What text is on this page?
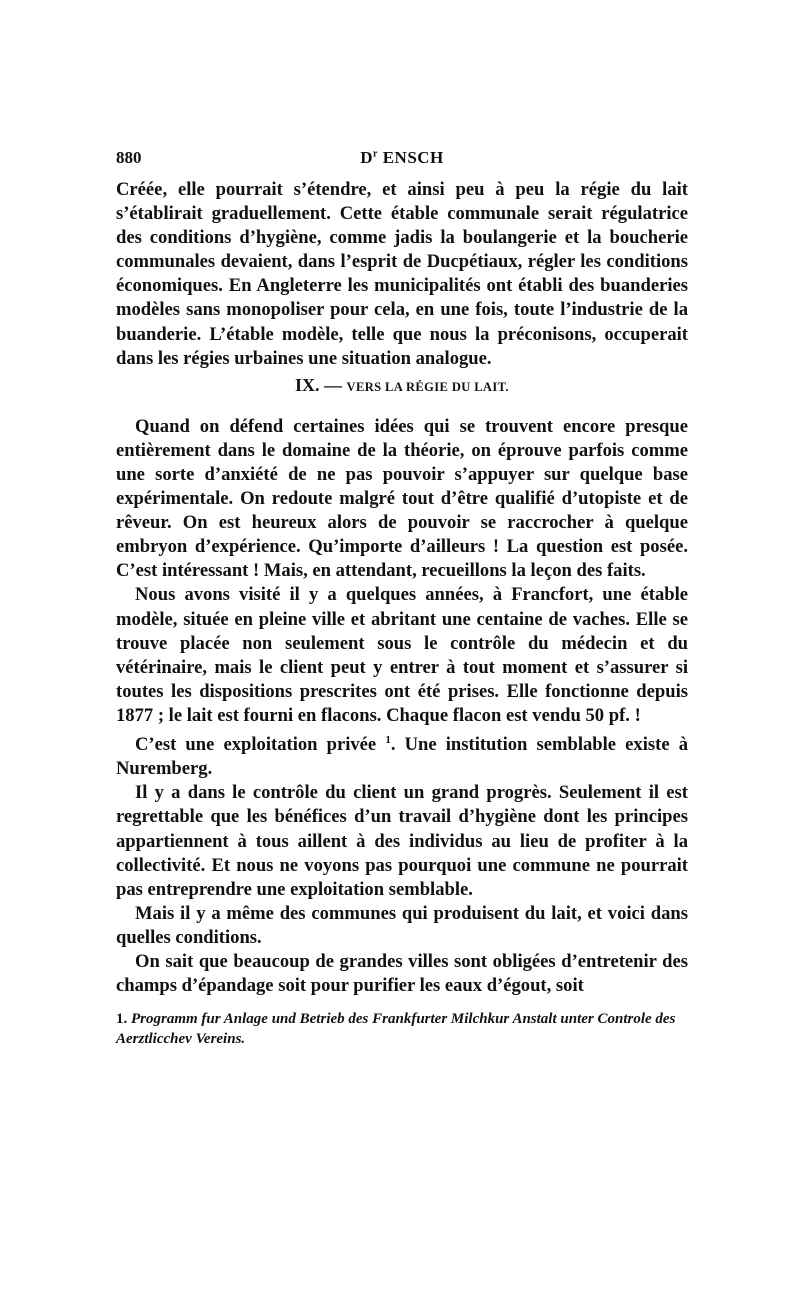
880	$D^r$ ENSCH

Créée, elle pourrait s’étendre, et ainsi peu à peu la régie du lait s’établirait graduellement. Cette étable communale serait régulatrice des conditions d’hygiène, comme jadis la boulangerie et la boucherie communales devaient, dans l’esprit de Ducpétiaux, régler les conditions économiques. En Angleterre les municipalités ont établi des buanderies modèles sans monopoliser pour cela, en une fois, toute l’industrie de la buanderie. L’étable modèle, telle que nous la préconisons, occuperait dans les régies urbaines une situation analogue.

IX. — VERS LA RÉGIE DU LAIT.

Quand on défend certaines idées qui se trouvent encore presque entièrement dans le domaine de la théorie, on éprouve parfois comme une sorte d’anxiété de ne pas pouvoir s’appuyer sur quelque base expérimentale. On redoute malgré tout d’être qualifié d’utopiste et de rêveur. On est heureux alors de pouvoir se raccrocher à quelque embryon d’expérience. Qu’importe d’ailleurs ! La question est posée. C’est intéressant ! Mais, en attendant, recueillons la leçon des faits.

Nous avons visité il y a quelques années, à Francfort, une étable modèle, située en pleine ville et abritant une centaine de vaches. Elle se trouve placée non seulement sous le contrôle du médecin et du vétérinaire, mais le client peut y entrer à tout moment et s’assurer si toutes les dispositions prescrites ont été prises. Elle fonctionne depuis 1877 ; le lait est fourni en flacons. Chaque flacon est vendu 50 pf. !

C’est une exploitation privée $^1$. Une institution semblable existe à Nuremberg.

Il y a dans le contrôle du client un grand progrès. Seulement il est regrettable que les bénéfices d’un travail d’hygiène dont les principes appartiennent à tous aillent à des individus au lieu de profiter à la collectivité. Et nous ne voyons pas pourquoi une commune ne pourrait pas entreprendre une exploitation semblable.

Mais il y a même des communes qui produisent du lait, et voici dans quelles conditions.

On sait que beaucoup de grandes villes sont obligées d’entretenir des champs d’épandage soit pour purifier les eaux d’égout, soit

1. Programm fur Anlage und Betrieb des Frankfurter Milchkur Anstalt unter Controle des Aerztlicchev Vereins.
